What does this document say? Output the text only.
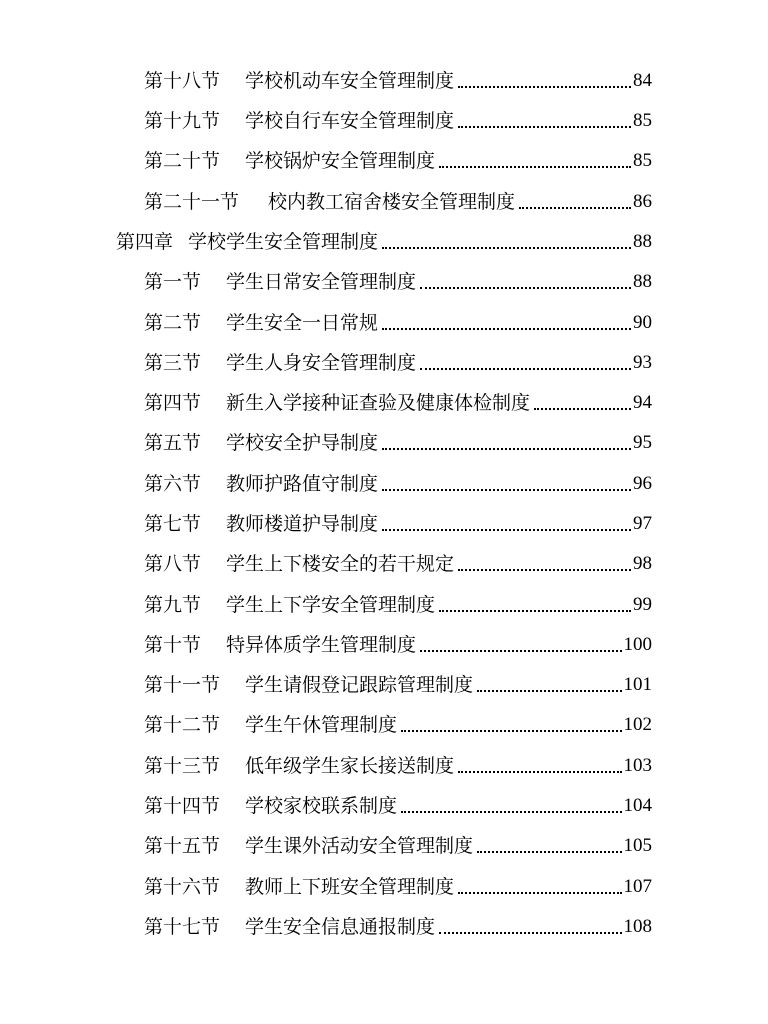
第十八节	学校机动车安全管理制度	84
第十九节	学校自行车安全管理制度	85
第二十节	学校锅炉安全管理制度	85
第二十一节	校内教工宿舍楼安全管理制度	86
第四章 学校学生安全管理制度	88
第一节	学生日常安全管理制度	88
第二节	学生安全一日常规	90
第三节	学生人身安全管理制度	93
第四节	新生入学接种证查验及健康体检制度	94
第五节	学校安全护导制度	95
第六节	教师护路值守制度	96
第七节	教师楼道护导制度	97
第八节	学生上下楼安全的若干规定	98
第九节	学生上下学安全管理制度	99
第十节	特异体质学生管理制度	100
第十一节	学生请假登记跟踪管理制度	101
第十二节	学生午休管理制度	102
第十三节	低年级学生家长接送制度	103
第十四节	学校家校联系制度	104
第十五节	学生课外活动安全管理制度	105
第十六节	教师上下班安全管理制度	107
第十七节	学生安全信息通报制度	108
